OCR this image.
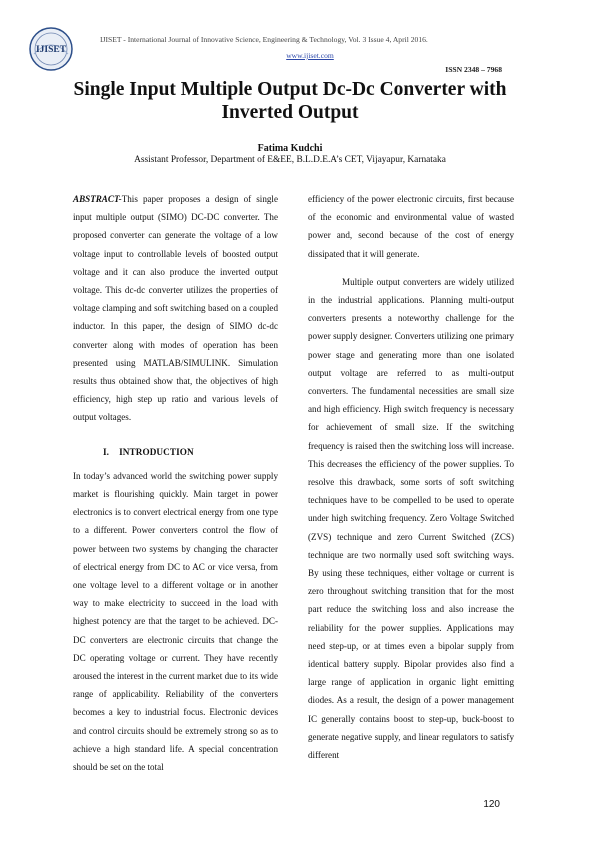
IJISET
IJISET - International Journal of Innovative Science, Engineering & Technology, Vol. 3 Issue 4, April 2016.
www.ijiset.com
ISSN 2348 – 7968
Single Input Multiple Output Dc-Dc Converter with
Inverted Output
Fatima Kudchi
Assistant Professor, Department of E&EE, B.L.D.E.A’s CET, Vijayapur, Karnataka

ABSTRACT-This paper proposes a design of single input multiple output (SIMO) DC-DC converter. The proposed converter can generate the voltage of a low voltage input to controllable levels of boosted output voltage and it can also produce the inverted output voltage. This dc-dc converter utilizes the properties of voltage clamping and soft switching based on a coupled inductor. In this paper, the design of SIMO dc-dc converter along with modes of operation has been presented using MATLAB/SIMULINK. Simulation results thus obtained show that, the objectives of high efficiency, high step up ratio and various levels of output voltages.

I. INTRODUCTION

In today’s advanced world the switching power supply market is flourishing quickly. Main target in power electronics is to convert electrical energy from one type to a different. Power converters control the flow of power between two systems by changing the character of electrical energy from DC to AC or vice versa, from one voltage level to a different voltage or in another way to make electricity to succeed in the load with highest potency are that the target to be achieved. DC-DC converters are electronic circuits that change the DC operating voltage or current. They have recently aroused the interest in the current market due to its wide range of applicability. Reliability of the converters becomes a key to industrial focus. Electronic devices and control circuits should be extremely strong so as to achieve a high standard life. A special concentration should be set on the total

efficiency of the power electronic circuits, first because of the economic and environmental value of wasted power and, second because of the cost of energy dissipated that it will generate.

Multiple output converters are widely utilized in the industrial applications. Planning multi-output converters presents a noteworthy challenge for the power supply designer. Converters utilizing one primary power stage and generating more than one isolated output voltage are referred to as multi-output converters. The fundamental necessities are small size and high efficiency. High switch frequency is necessary for achievement of small size. If the switching frequency is raised then the switching loss will increase. This decreases the efficiency of the power supplies. To resolve this drawback, some sorts of soft switching techniques have to be compelled to be used to operate under high switching frequency. Zero Voltage Switched (ZVS) technique and zero Current Switched (ZCS) technique are two normally used soft switching ways. By using these techniques, either voltage or current is zero throughout switching transition that for the most part reduce the switching loss and also increase the reliability for the power supplies. Applications may need step-up, or at times even a bipolar supply from identical battery supply. Bipolar provides also find a large range of application in organic light emitting diodes. As a result, the design of a power management IC generally contains boost to step-up, buck-boost to generate negative supply, and linear regulators to satisfy different

120
